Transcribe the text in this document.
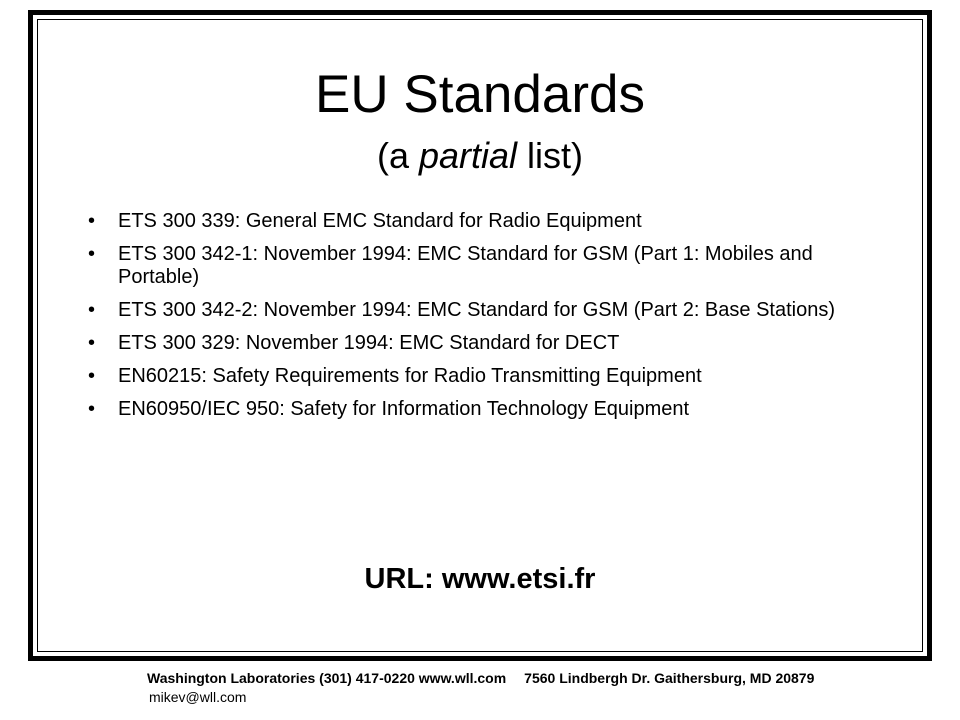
EU Standards
(a partial list)
• ETS 300 339: General EMC Standard for Radio Equipment
• ETS 300 342-1: November 1994: EMC Standard for GSM (Part 1: Mobiles and Portable)
• ETS 300 342-2: November 1994: EMC Standard for GSM (Part 2: Base Stations)
• ETS 300 329: November 1994: EMC Standard for DECT
• EN60215: Safety Requirements for Radio Transmitting Equipment
• EN60950/IEC 950: Safety for Information Technology Equipment
URL: www.etsi.fr
Washington Laboratories (301) 417-0220 www.wll.com 7560 Lindbergh Dr. Gaithersburg, MD 20879
mikev@wll.com
